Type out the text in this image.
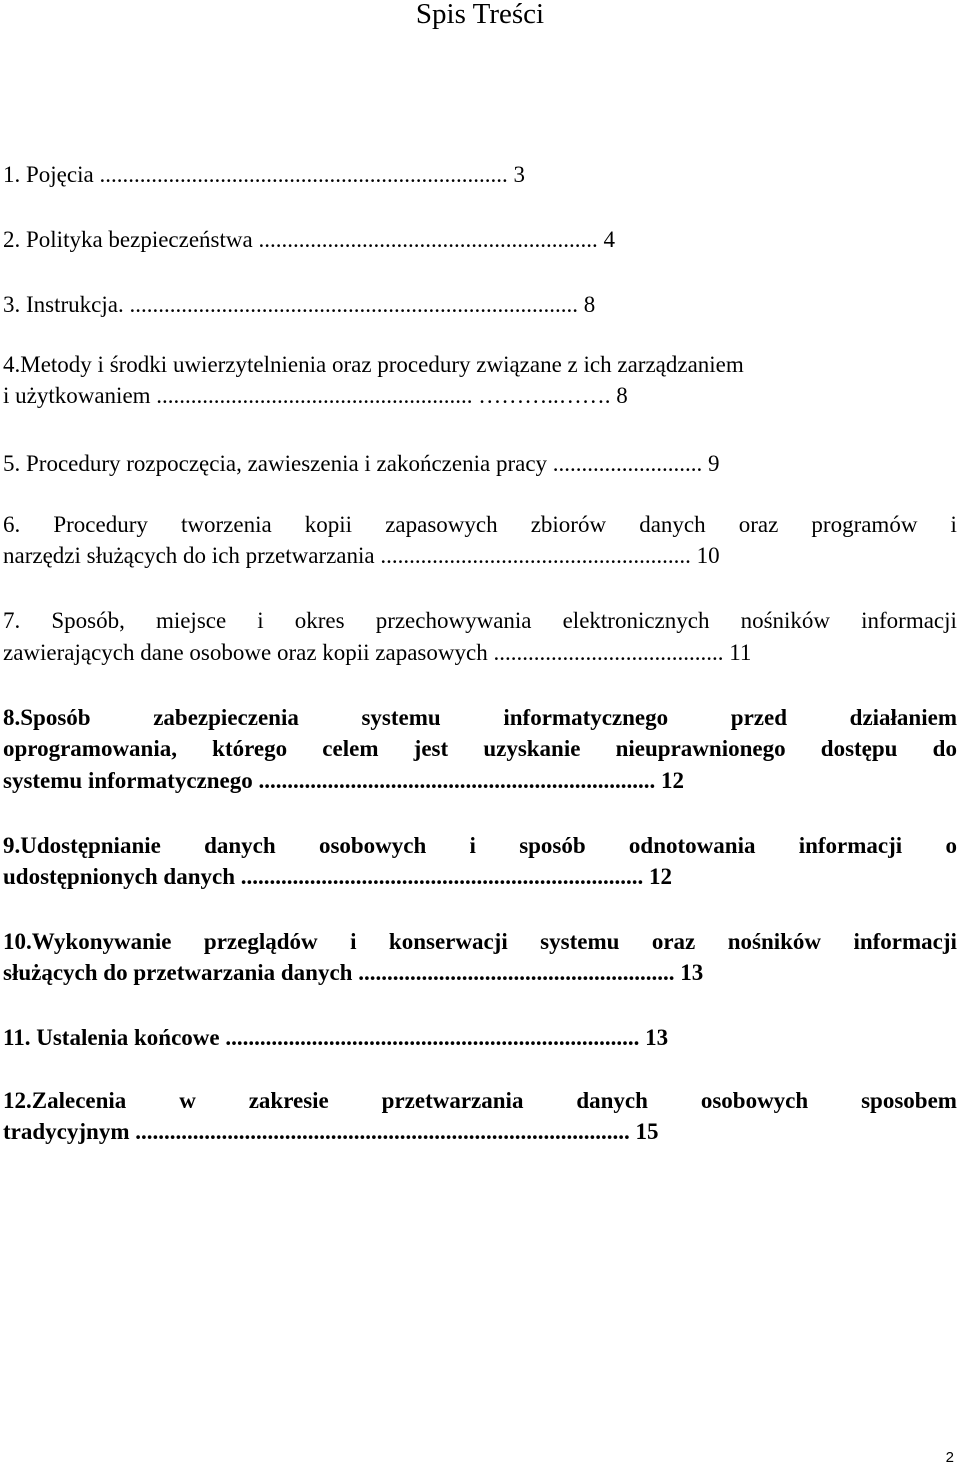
Spis Treści
1. Pojęcia ....................................................................... 3
2. Polityka bezpieczeństwa ........................................................... 4
3. Instrukcja. .............................................................................. 8
4.Metody i środki uwierzytelnienia oraz procedury związane z ich zarządzaniem
i użytkowaniem ....................................................... ………..……. 8
5. Procedury rozpoczęcia, zawieszenia i zakończenia pracy .......................... 9
6. Procedury tworzenia kopii zapasowych zbiorów danych oraz programów i
narzędzi służących do ich przetwarzania ...................................................... 10
7. Sposób, miejsce i okres przechowywania elektronicznych nośników informacji
zawierających dane osobowe oraz kopii zapasowych ........................................ 11
8.Sposób	zabezpieczenia	systemu	informatycznego	przed	działaniem
oprogramowania, którego celem jest uzyskanie nieuprawnionego dostępu do
systemu informatycznego ..................................................................... 12
9.Udostępnianie danych osobowych i sposób odnotowania informacji o
udostępnionych danych ...................................................................... 12
10.Wykonywanie przeglądów i konserwacji systemu oraz nośników informacji
służących do przetwarzania danych ....................................................... 13
11. Ustalenia końcowe ........................................................................ 13
12.Zalecenia w zakresie przetwarzania danych osobowych sposobem
tradycyjnym ...................................................................................... 15
2
